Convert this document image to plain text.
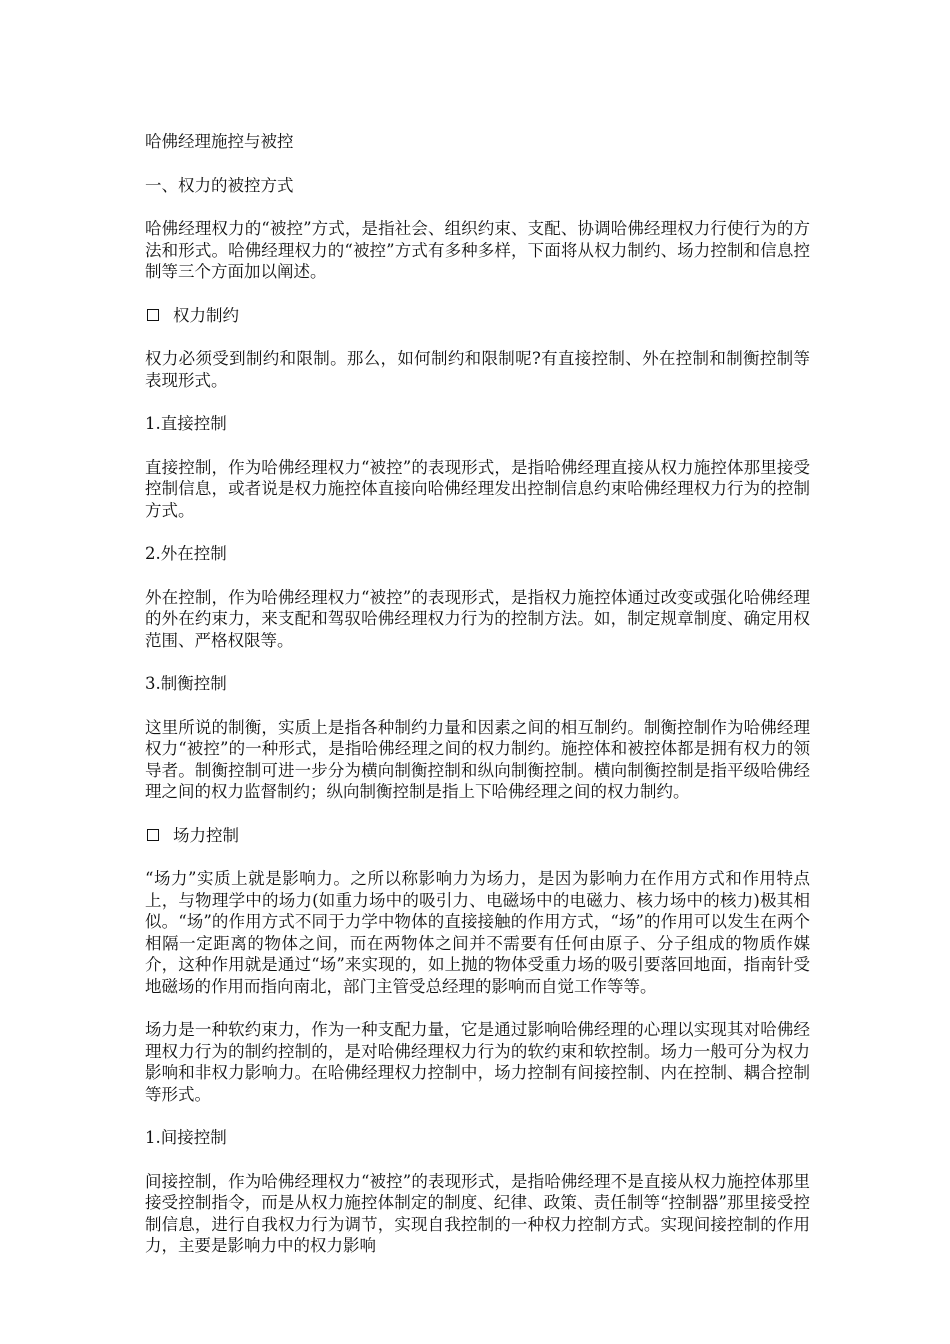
哈佛经理施控与被控

一、权力的被控方式

哈佛经理权力的“被控”方式，是指社会、组织约束、支配、协调哈佛经理权力行使行为的方法和形式。哈佛经理权力的“被控”方式有多种多样，下面将从权力制约、场力控制和信息控制等三个方面加以阐述。

权力制约

权力必须受到制约和限制。那么，如何制约和限制呢?有直接控制、外在控制和制衡控制等表现形式。

1.直接控制

直接控制，作为哈佛经理权力“被控”的表现形式，是指哈佛经理直接从权力施控体那里接受控制信息，或者说是权力施控体直接向哈佛经理发出控制信息约束哈佛经理权力行为的控制方式。

2.外在控制

外在控制，作为哈佛经理权力“被控”的表现形式，是指权力施控体通过改变或强化哈佛经理的外在约束力，来支配和驾驭哈佛经理权力行为的控制方法。如，制定规章制度、确定用权范围、严格权限等。

3.制衡控制

这里所说的制衡，实质上是指各种制约力量和因素之间的相互制约。制衡控制作为哈佛经理权力“被控”的一种形式，是指哈佛经理之间的权力制约。施控体和被控体都是拥有权力的领导者。制衡控制可进一步分为横向制衡控制和纵向制衡控制。横向制衡控制是指平级哈佛经理之间的权力监督制约；纵向制衡控制是指上下哈佛经理之间的权力制约。

场力控制

“场力”实质上就是影响力。之所以称影响力为场力，是因为影响力在作用方式和作用特点上，与物理学中的场力(如重力场中的吸引力、电磁场中的电磁力、核力场中的核力)极其相似。“场”的作用方式不同于力学中物体的直接接触的作用方式，“场”的作用可以发生在两个相隔一定距离的物体之间，而在两物体之间并不需要有任何由原子、分子组成的物质作媒介，这种作用就是通过“场”来实现的，如上抛的物体受重力场的吸引要落回地面，指南针受地磁场的作用而指向南北，部门主管受总经理的影响而自觉工作等等。

场力是一种软约束力，作为一种支配力量，它是通过影响哈佛经理的心理以实现其对哈佛经理权力行为的制约控制的，是对哈佛经理权力行为的软约束和软控制。场力一般可分为权力影响和非权力影响力。在哈佛经理权力控制中，场力控制有间接控制、内在控制、耦合控制等形式。

1.间接控制

间接控制，作为哈佛经理权力“被控”的表现形式，是指哈佛经理不是直接从权力施控体那里接受控制指令，而是从权力施控体制定的制度、纪律、政策、责任制等“控制器”那里接受控制信息，进行自我权力行为调节，实现自我控制的一种权力控制方式。实现间接控制的作用力，主要是影响力中的权力影响
